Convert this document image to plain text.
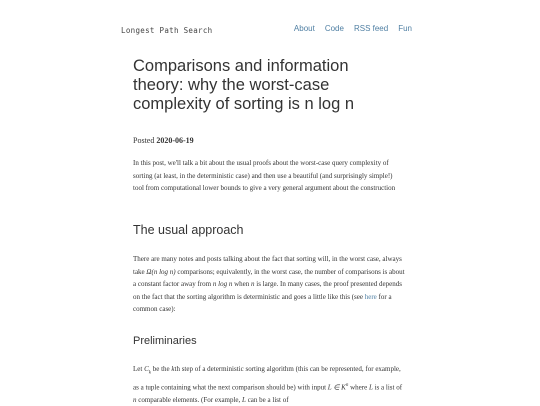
Longest Path Search	About Code RSS feed Fun
Comparisons and information theory: why the worst-case complexity of sorting is n log n
Posted 2020-06-19

In this post, we'll talk a bit about the usual proofs about the worst-case query complexity of sorting (at least, in the deterministic case) and then use a beautiful (and surprisingly simple!) tool from computational lower bounds to give a very general argument about the construction

The usual approach

There are many notes and posts talking about the fact that sorting will, in the worst case, always take Ω(n log n) comparisons; equivalently, in the worst case, the number of comparisons is about a constant factor away from n log n when n is large. In many cases, the proof presented depends on the fact that the sorting algorithm is deterministic and goes a little like this (see here for a common case):

Preliminaries

Let $C_k$ be the kth step of a deterministic sorting algorithm (this can be represented, for example, as a tuple containing what the next comparison should be) with input L ∈ $K^n$ where L is a list of n comparable elements. (For example, L can be a list of
